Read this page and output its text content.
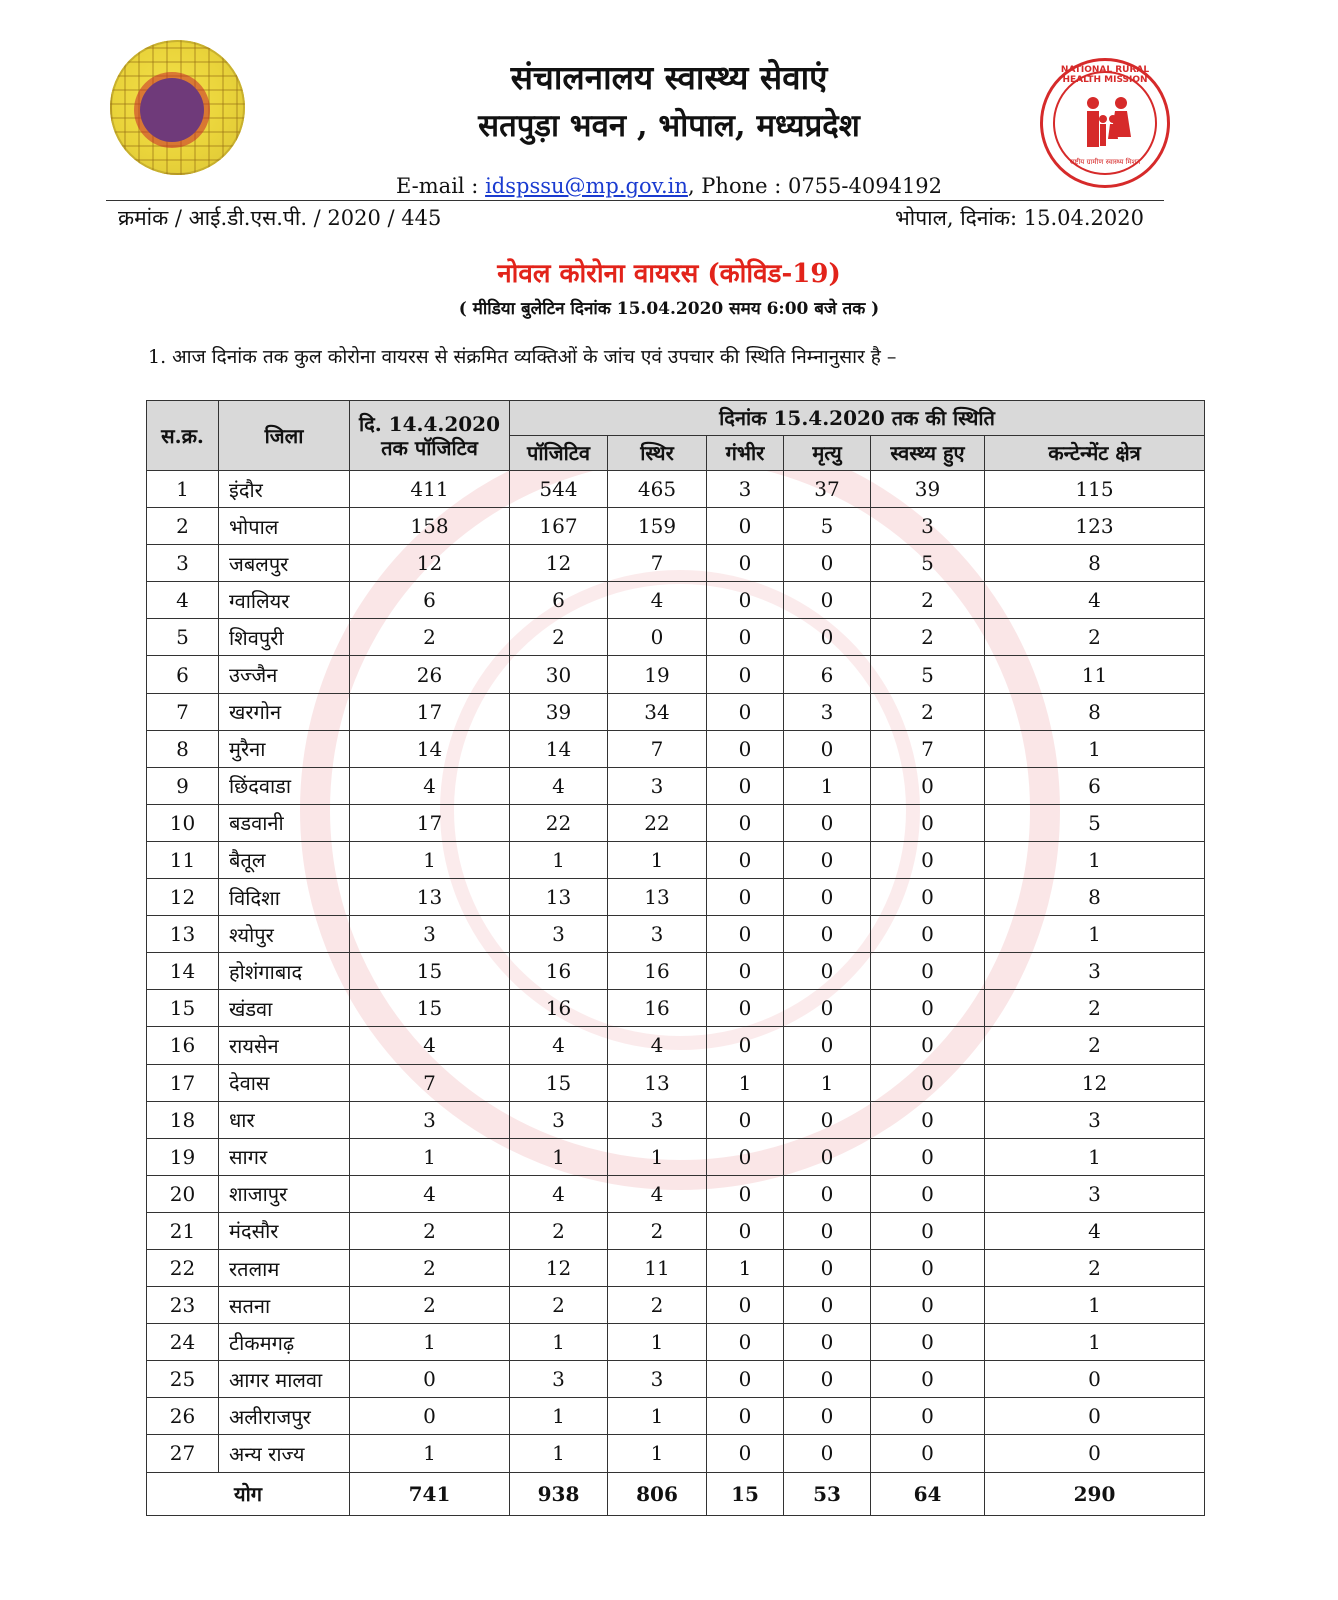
NATIONAL RURAL HEALTH MISSION
राष्ट्रीय ग्रामीण स्वास्थ्य मिशन
संचालनालय स्वास्थ्य सेवाएं
सतपुड़ा भवन , भोपाल, मध्यप्रदेश
E-mail : idspssu@mp.gov.in, Phone : 0755-4094192
क्रमांक / आई.डी.एस.पी. / 2020 / 445	भोपाल, दिनांक: 15.04.2020
नोवल कोरोना वायरस (कोविड-19)
( मीडिया बुलेटिन दिनांक 15.04.2020 समय 6:00 बजे तक )
1. आज दिनांक तक कुल कोरोना वायरस से संक्रमित व्यक्तिओं के जांच एवं उपचार की स्थिति निम्नानुसार है –
स.क्र.	जिला	दि. 14.4.2020
तक पॉजिटिव	दिनांक 15.4.2020 तक की स्थिति					
			पॉजिटिव	स्थिर	गंभीर	मृत्यु	स्वस्थ्य हुए	कन्टेन्मेंट क्षेत्र
1	इंदौर	411	544	465	3	37	39	115
2	भोपाल	158	167	159	0	5	3	123
3	जबलपुर	12	12	7	0	0	5	8
4	ग्वालियर	6	6	4	0	0	2	4
5	शिवपुरी	2	2	0	0	0	2	2
6	उज्जैन	26	30	19	0	6	5	11
7	खरगोन	17	39	34	0	3	2	8
8	मुरैना	14	14	7	0	0	7	1
9	छिंदवाडा	4	4	3	0	1	0	6
10	बडवानी	17	22	22	0	0	0	5
11	बैतूल	1	1	1	0	0	0	1
12	विदिशा	13	13	13	0	0	0	8
13	श्योपुर	3	3	3	0	0	0	1
14	होशंगाबाद	15	16	16	0	0	0	3
15	खंडवा	15	16	16	0	0	0	2
16	रायसेन	4	4	4	0	0	0	2
17	देवास	7	15	13	1	1	0	12
18	धार	3	3	3	0	0	0	3
19	सागर	1	1	1	0	0	0	1
20	शाजापुर	4	4	4	0	0	0	3
21	मंदसौर	2	2	2	0	0	0	4
22	रतलाम	2	12	11	1	0	0	2
23	सतना	2	2	2	0	0	0	1
24	टीकमगढ़	1	1	1	0	0	0	1
25	आगर मालवा	0	3	3	0	0	0	0
26	अलीराजपुर	0	1	1	0	0	0	0
27	अन्य राज्य	1	1	1	0	0	0	0
योग		741	938	806	15	53	64	290
